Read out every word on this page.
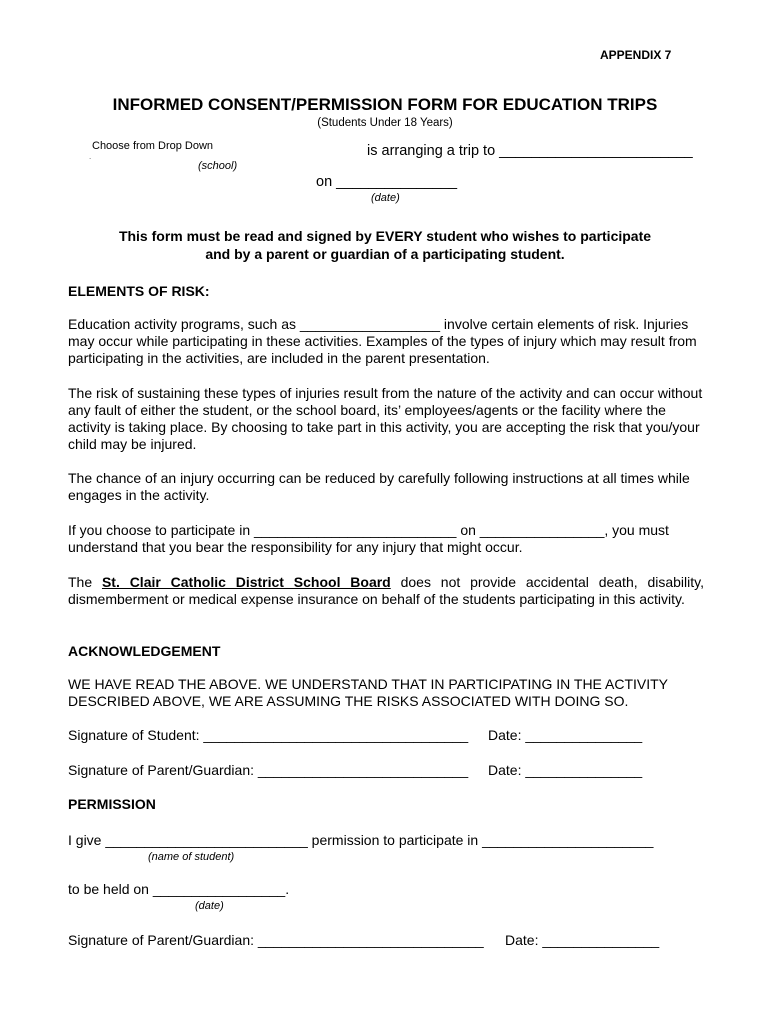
APPENDIX 7
INFORMED CONSENT/PERMISSION FORM FOR EDUCATION TRIPS
(Students Under 18 Years)
Choose from Drop Down
.
(school)
is arranging a trip to ________________________
on _______________
(date)
This form must be read and signed by EVERY student who wishes to participate
and by a parent or guardian of a participating student.
ELEMENTS OF RISK:
Education activity programs, such as __________________ involve certain elements of risk. Injuries may occur while participating in these activities. Examples of the types of injury which may result from participating in the activities, are included in the parent presentation.
The risk of sustaining these types of injuries result from the nature of the activity and can occur without any fault of either the student, or the school board, its’ employees/agents or the facility where the activity is taking place. By choosing to take part in this activity, you are accepting the risk that you/your child may be injured.
The chance of an injury occurring can be reduced by carefully following instructions at all times while engages in the activity.
If you choose to participate in __________________________ on ________________, you must understand that you bear the responsibility for any injury that might occur.
The St. Clair Catholic District School Board does not provide accidental death, disability, dismemberment or medical expense insurance on behalf of the students participating in this activity.
ACKNOWLEDGEMENT
WE HAVE READ THE ABOVE. WE UNDERSTAND THAT IN PARTICIPATING IN THE ACTIVITY DESCRIBED ABOVE, WE ARE ASSUMING THE RISKS ASSOCIATED WITH DOING SO.
Signature of Student: __________________________________ Date: _______________
Signature of Parent/Guardian: ___________________________ Date: _______________
PERMISSION
I give __________________________ permission to participate in ______________________
(name of student)
to be held on _________________.
(date)
Signature of Parent/Guardian: _____________________________ Date: _______________
